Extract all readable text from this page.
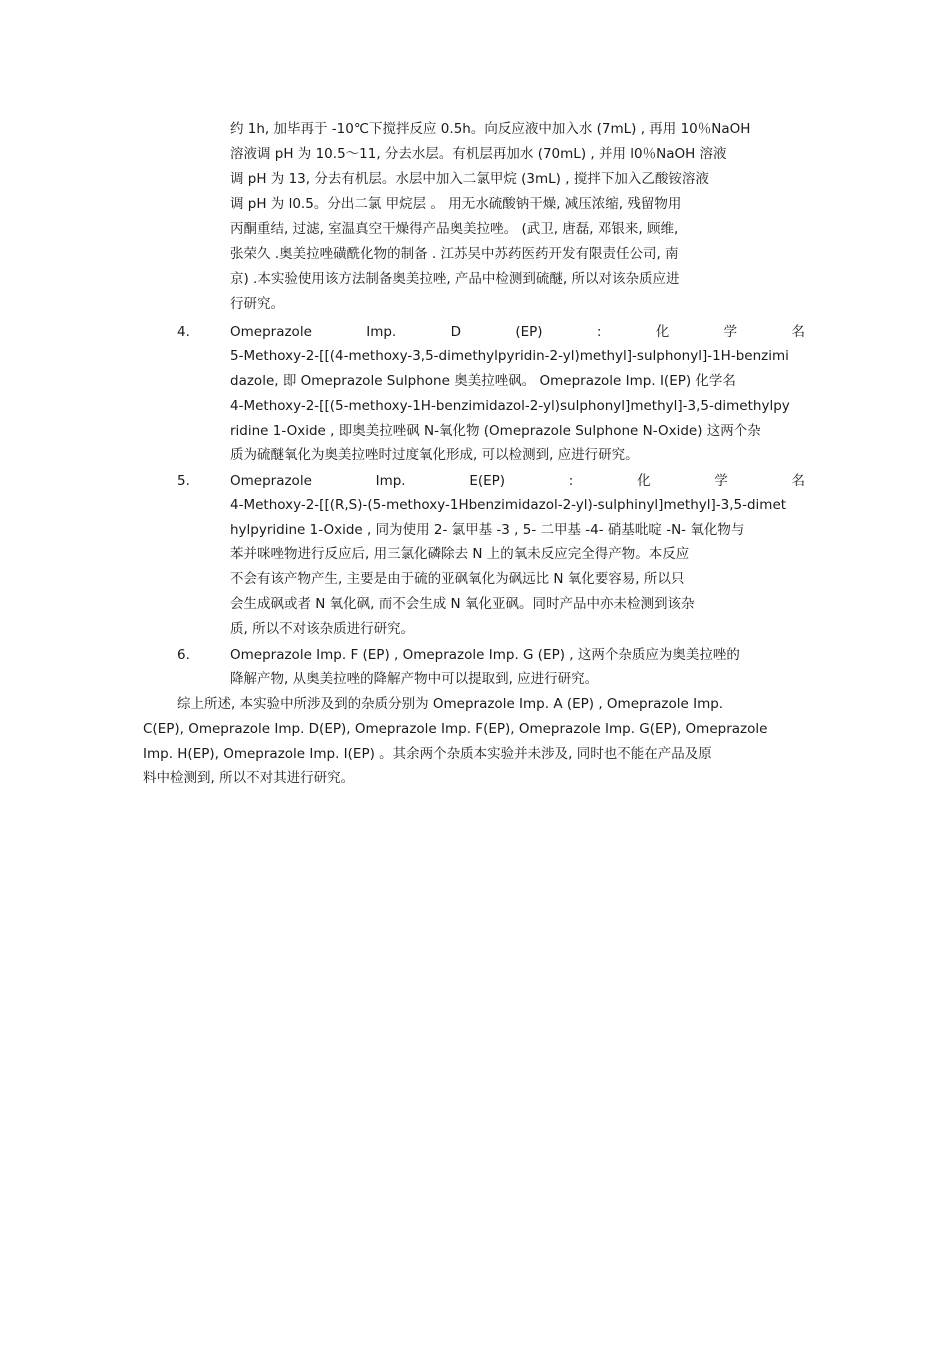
约 1h, 加毕再于 -10℃下搅拌反应 0.5h。向反应液中加入水 (7mL) , 再用 10％NaOH
溶液调 pH 为 10.5～11, 分去水层。有机层再加水 (70mL) , 并用 l0％NaOH 溶液
调 pH 为 13, 分去有机层。水层中加入二氯甲烷 (3mL) , 搅拌下加入乙酸铵溶液
调 pH 为 l0.5。分出二氯 甲烷层 。 用无水硫酸钠干燥, 减压浓缩, 残留物用
丙酮重结, 过滤, 室温真空干燥得产品奥美拉唑。 (武卫, 唐磊, 邓银来, 顾维,
张荣久 .奥美拉唑磺酰化物的制备 . 江苏吴中苏药医药开发有限责任公司, 南
京) .本实验使用该方法制备奥美拉唑, 产品中检测到硫醚, 所以对该杂质应进
行研究。
4.	Omeprazole	Imp.	D	(EP)	:	化	学	名
5-Methoxy-2-[[(4-methoxy-3,5-dimethylpyridin-2-yl)methyl]-sulphonyl]-1H-benzimi
dazole, 即 Omeprazole Sulphone 奥美拉唑砜。 Omeprazole Imp. I(EP) 化学名
4-Methoxy-2-[[(5-methoxy-1H-benzimidazol-2-yl)sulphonyl]methyl]-3,5-dimethylpy
ridine 1-Oxide , 即奥美拉唑砜 N-氧化物 (Omeprazole Sulphone N-Oxide) 这两个杂
质为硫醚氧化为奥美拉唑时过度氧化形成, 可以检测到, 应进行研究。
5.	Omeprazole	Imp.	E(EP)	:	化	学	名
4-Methoxy-2-[[(R,S)-(5-methoxy-1Hbenzimidazol-2-yl)-sulphinyl]methyl]-3,5-dimet
hylpyridine 1-Oxide , 同为使用 2- 氯甲基 -3 , 5- 二甲基 -4- 硝基吡啶 -N- 氧化物与
苯并咪唑物进行反应后, 用三氯化磷除去 N 上的氧未反应完全得产物。本反应
不会有该产物产生, 主要是由于硫的亚砜氧化为砜远比 N 氧化要容易, 所以只
会生成砜或者 N 氧化砜, 而不会生成 N 氧化亚砜。同时产品中亦未检测到该杂
质, 所以不对该杂质进行研究。
6.	Omeprazole Imp. F (EP) , Omeprazole Imp. G (EP) , 这两个杂质应为奥美拉唑的
降解产物, 从奥美拉唑的降解产物中可以提取到, 应进行研究。
综上所述, 本实验中所涉及到的杂质分别为 Omeprazole Imp. A (EP) , Omeprazole Imp.
C(EP), Omeprazole Imp. D(EP), Omeprazole Imp. F(EP), Omeprazole Imp. G(EP), Omeprazole
Imp. H(EP), Omeprazole Imp. I(EP) 。其余两个杂质本实验并未涉及, 同时也不能在产品及原
料中检测到, 所以不对其进行研究。
